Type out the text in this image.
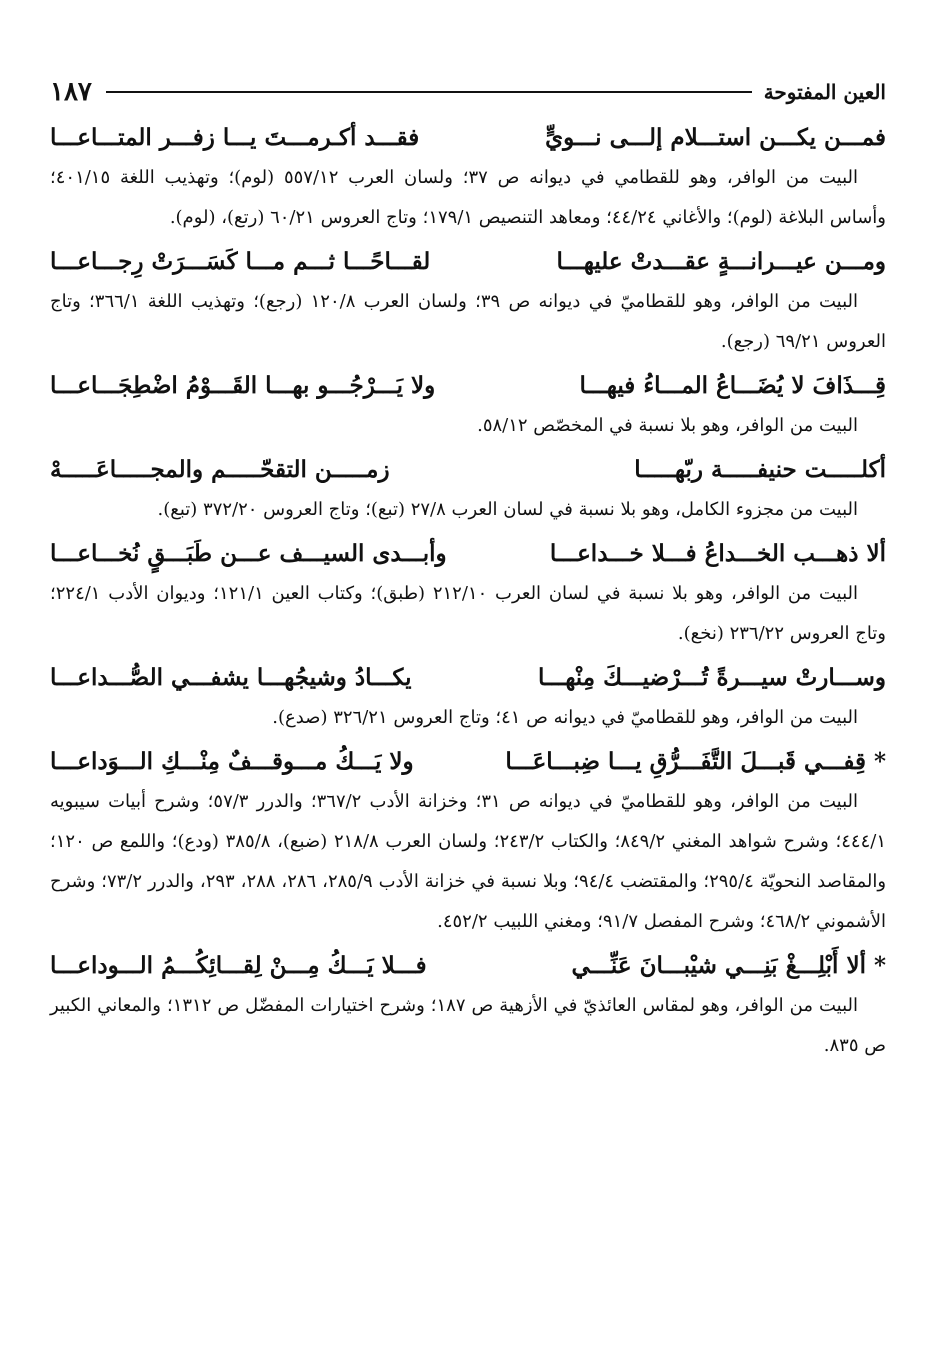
العين المفتوحة
١٨٧
فمـــن يكـــن استـــلام إلـــى نـــويٍّ
فقـــد أكـرمـــتَ يـــا زفـــر المتـــاعـــا

البيت من الوافر، وهو للقطامي في ديوانه ص ٣٧؛ ولسان العرب ٥٥٧/١٢ (لوم)؛ وتهذيب اللغة ٤٠١/١٥؛ وأساس البلاغة (لوم)؛ والأغاني ٤٤/٢٤؛ ومعاهد التنصيص ١٧٩/١؛ وتاج العروس ٦٠/٢١ (رتع)، (لوم).

ومـــن عيـــرانـــةٍ عقـــدتْ عليهـــا
لقـــاحًـــا ثـــم مـــا كَسَـــرَتْ رِجـــاعـــا

البيت من الوافر، وهو للقطاميّ في ديوانه ص ٣٩؛ ولسان العرب ١٢٠/٨ (رجع)؛ وتهذيب اللغة ٣٦٦/١؛ وتاج العروس ٦٩/٢١ (رجع).

قِـــذَافَ لا يُضَـــاعُ المـــاءُ فيهـــا
ولا يَـــرْجُـــو بهـــا القَـــوْمُ اضْطِجَـــاعـــا

البيت من الوافر، وهو بلا نسبة في المخصّص ٥٨/١٢.

أكلـــــت حنيفـــــة ربّهـــــا
زمـــــن التقحّـــــم والمجـــــاعَـــــهْ

البيت من مجزوء الكامل، وهو بلا نسبة في لسان العرب ٢٧/٨ (تبع)؛ وتاج العروس ٣٧٢/٢٠ (تبع).

ألا ذهـــب الخـــداعُ فـــلا خـــداعـــا
وأبـــدى السيـــف عـــن طَبَـــقٍ نُخـــاعـــا

البيت من الوافر، وهو بلا نسبة في لسان العرب ٢١٢/١٠ (طبق)؛ وكتاب العين ١٢١/١؛ وديوان الأدب ٢٢٤/١؛ وتاج العروس ٢٣٦/٢٢ (نخع).

وســـارتْ سيـــرةً تُـــرْضيـــكَ مِنْهـــا
يكـــادُ وشيجُهـــا يشفـــي الصُّـــداعـــا

البيت من الوافر، وهو للقطاميّ في ديوانه ص ٤١؛ وتاج العروس ٣٢٦/٢١ (صدع).

* قِفـــي قَبـــلَ التَّفَـــرُّقِ يـــا ضِبـــاعَـــا
ولا يَـــكُ مـــوقـــفٌ مِنْـــكِ الـــوَداعـــا

البيت من الوافر، وهو للقطاميّ في ديوانه ص ٣١؛ وخزانة الأدب ٣٦٧/٢؛ والدرر ٥٧/٣؛ وشرح أبيات سيبويه ٤٤٤/١؛ وشرح شواهد المغني ٨٤٩/٢؛ والكتاب ٢٤٣/٢؛ ولسان العرب ٢١٨/٨ (ضبع)، ٣٨٥/٨ (ودع)؛ واللمع ص ١٢٠؛ والمقاصد النحويّة ٢٩٥/٤؛ والمقتضب ٩٤/٤؛ وبلا نسبة في خزانة الأدب ٢٨٥/٩، ٢٨٦، ٢٨٨، ٢٩٣، والدرر ٧٣/٢؛ وشرح الأشموني ٤٦٨/٢؛ وشرح المفصل ٩١/٧؛ ومغني اللبيب ٤٥٢/٢.

* ألا أَبْلِـــغْ بَنِـــي شيْبـــانَ عَنِّـــي
فـــلا يَـــكُ مِـــنْ لِقـــائِكُـــمُ الـــوداعـــا

البيت من الوافر، وهو لمقاس العائذيّ في الأزهية ص ١٨٧؛ وشرح اختيارات المفضّل ص ١٣١٢؛ والمعاني الكبير ص ٨٣٥.
